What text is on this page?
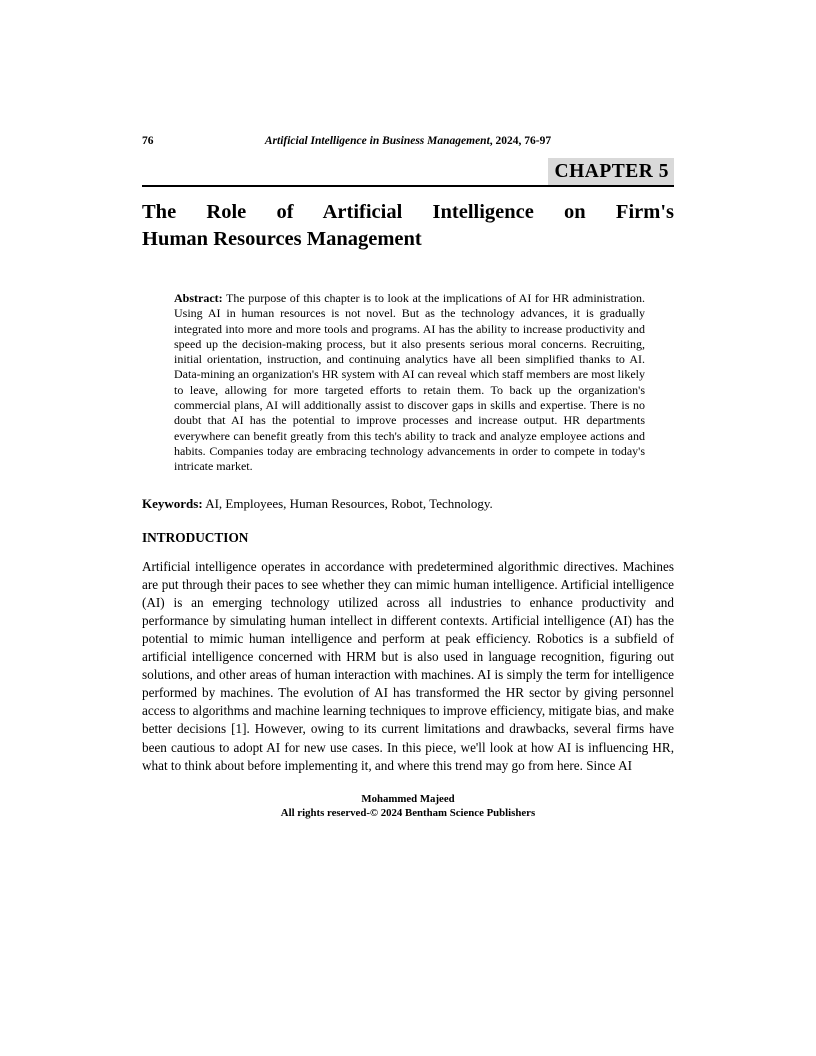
76	Artificial Intelligence in Business Management, 2024, 76-97
CHAPTER 5
The Role of Artificial Intelligence on Firm's
Human Resources Management

Abstract: The purpose of this chapter is to look at the implications of AI for HR administration. Using AI in human resources is not novel. But as the technology advances, it is gradually integrated into more and more tools and programs. AI has the ability to increase productivity and speed up the decision-making process, but it also presents serious moral concerns. Recruiting, initial orientation, instruction, and continuing analytics have all been simplified thanks to AI. Data-mining an organization's HR system with AI can reveal which staff members are most likely to leave, allowing for more targeted efforts to retain them. To back up the organization's commercial plans, AI will additionally assist to discover gaps in skills and expertise. There is no doubt that AI has the potential to improve processes and increase output. HR departments everywhere can benefit greatly from this tech's ability to track and analyze employee actions and habits. Companies today are embracing technology advancements in order to compete in today's intricate market.

Keywords: AI, Employees, Human Resources, Robot, Technology.

INTRODUCTION

Artificial intelligence operates in accordance with predetermined algorithmic directives. Machines are put through their paces to see whether they can mimic human intelligence. Artificial intelligence (AI) is an emerging technology utilized across all industries to enhance productivity and performance by simulating human intellect in different contexts. Artificial intelligence (AI) has the potential to mimic human intelligence and perform at peak efficiency. Robotics is a subfield of artificial intelligence concerned with HRM but is also used in language recognition, figuring out solutions, and other areas of human interaction with machines. AI is simply the term for intelligence performed by machines. The evolution of AI has transformed the HR sector by giving personnel access to algorithms and machine learning techniques to improve efficiency, mitigate bias, and make better decisions [1]. However, owing to its current limitations and drawbacks, several firms have been cautious to adopt AI for new use cases. In this piece, we'll look at how AI is influencing HR, what to think about before implementing it, and where this trend may go from here. Since AI

Mohammed Majeed
All rights reserved-© 2024 Bentham Science Publishers
